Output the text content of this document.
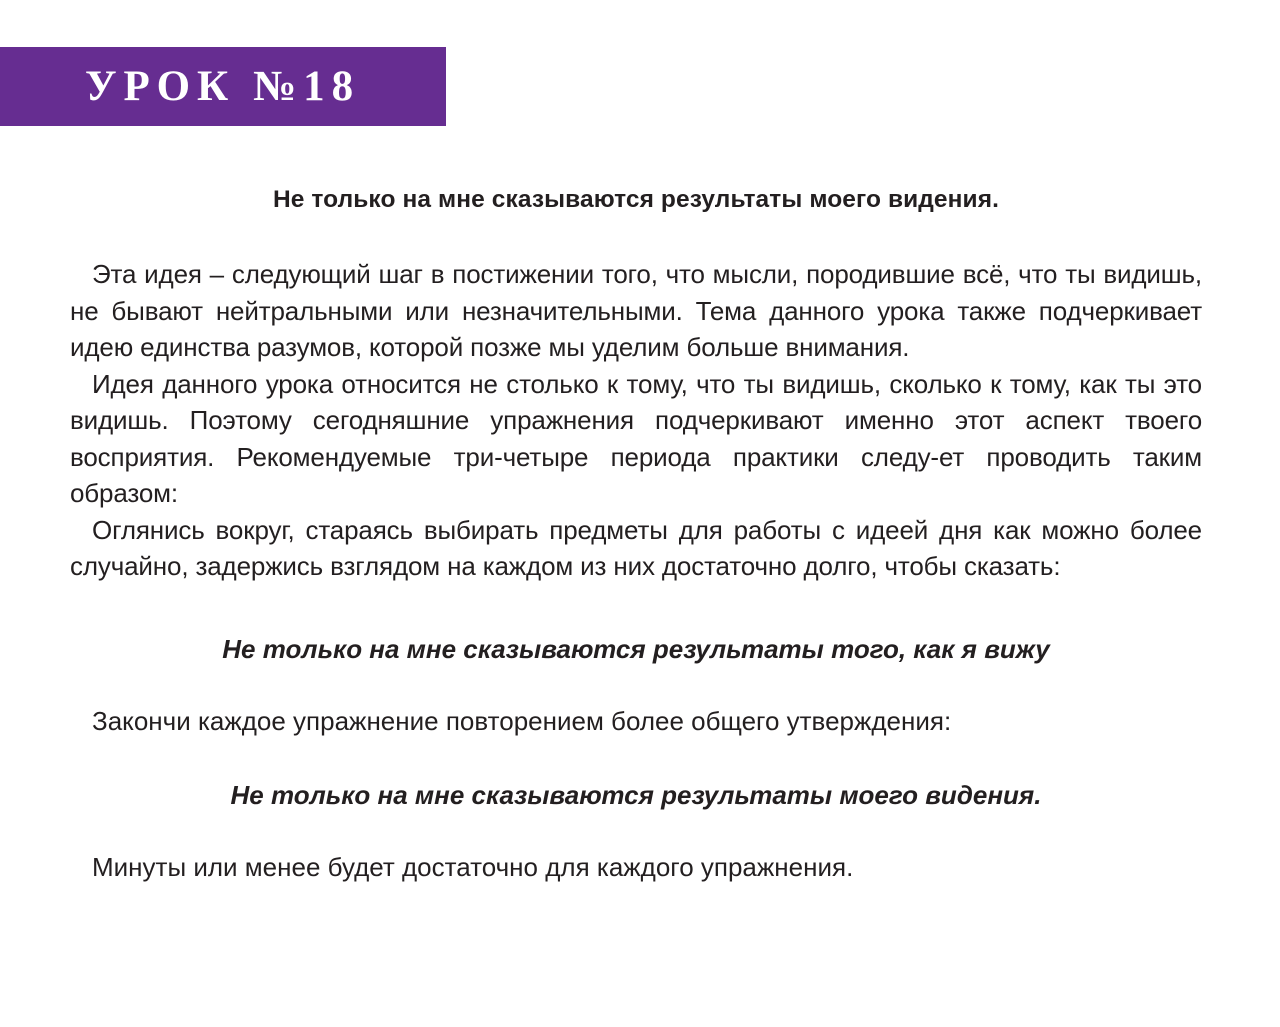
УРОК №18

Не только на мне сказываются результаты моего видения.

Эта идея – следующий шаг в постижении того, что мысли, породившие всё, что ты видишь, не бывают нейтральными или незначительными. Тема данного урока также подчеркивает идею единства разумов, которой позже мы уделим больше внимания.

Идея данного урока относится не столько к тому, что ты видишь, сколько к тому, как ты это видишь. Поэтому сегодняшние упражнения подчеркивают именно этот аспект твоего восприятия. Рекомендуемые три-четыре периода практики следу-ет проводить таким образом:

Оглянись вокруг, стараясь выбирать предметы для работы с идеей дня как можно более случайно, задержись взглядом на каждом из них достаточно долго, чтобы сказать:

Не только на мне сказываются результаты того, как я вижу

Закончи каждое упражнение повторением более общего утверждения:

Не только на мне сказываются результаты моего видения.

Минуты или менее будет достаточно для каждого упражнения.
